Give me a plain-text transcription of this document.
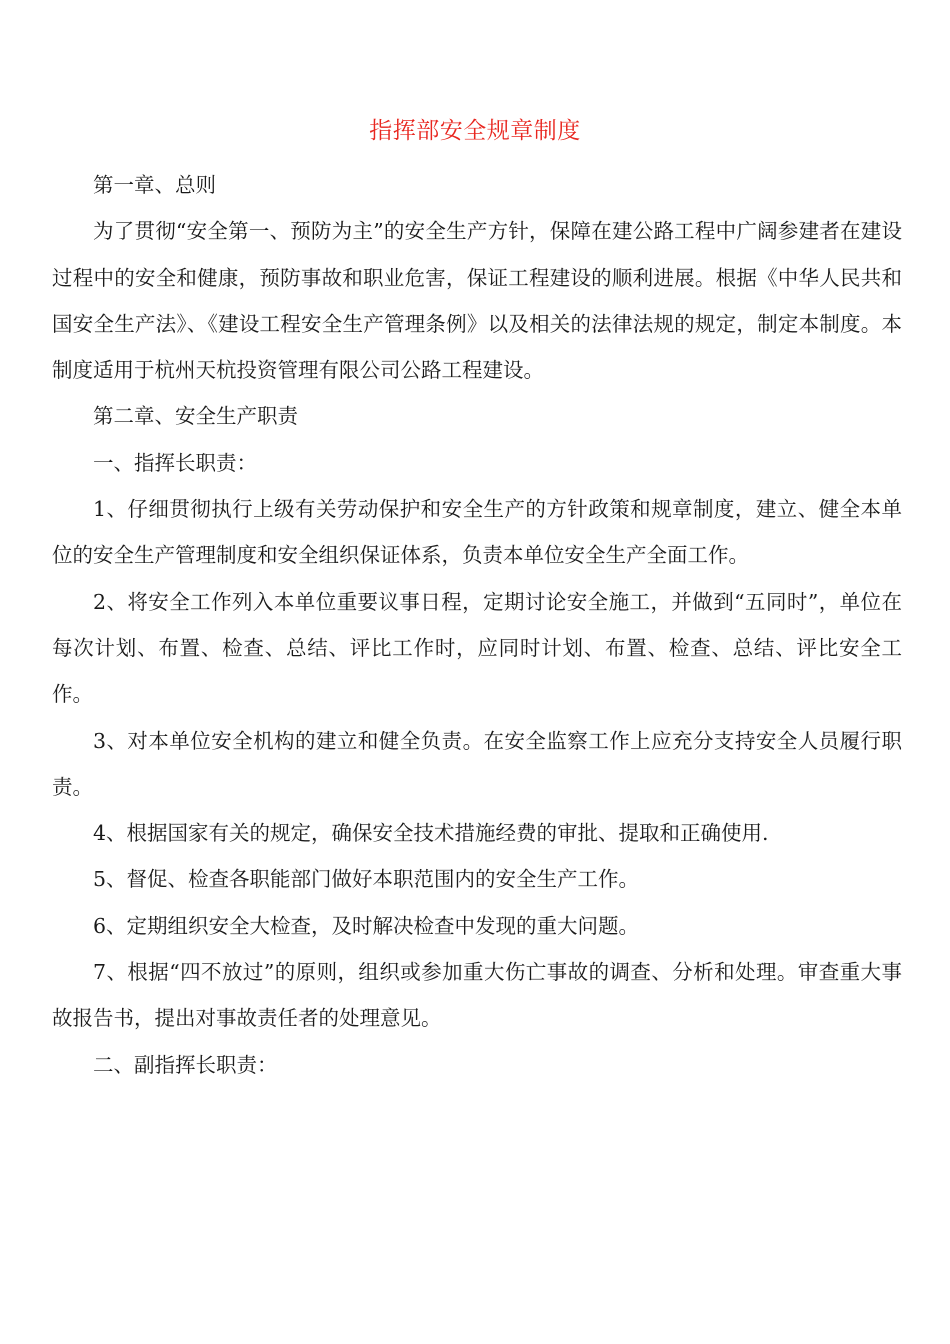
指挥部安全规章制度

第一章、总则

为了贯彻“安全第一、预防为主”的安全生产方针，保障在建公路工程中广阔参建者在建设过程中的安全和健康，预防事故和职业危害，保证工程建设的顺利进展。根据《中华人民共和国安全生产法》、《建设工程安全生产管理条例》以及相关的法律法规的规定，制定本制度。本制度适用于杭州天杭投资管理有限公司公路工程建设。

第二章、安全生产职责

一、指挥长职责：

1、仔细贯彻执行上级有关劳动保护和安全生产的方针政策和规章制度，建立、健全本单位的安全生产管理制度和安全组织保证体系，负责本单位安全生产全面工作。

2、将安全工作列入本单位重要议事日程，定期讨论安全施工，并做到“五同时”，单位在每次计划、布置、检查、总结、评比工作时，应同时计划、布置、检查、总结、评比安全工作。

3、对本单位安全机构的建立和健全负责。在安全监察工作上应充分支持安全人员履行职责。

4、根据国家有关的规定，确保安全技术措施经费的审批、提取和正确使用.

5、督促、检查各职能部门做好本职范围内的安全生产工作。

6、定期组织安全大检查，及时解决检查中发现的重大问题。

7、根据“四不放过”的原则，组织或参加重大伤亡事故的调查、分析和处理。审查重大事故报告书，提出对事故责任者的处理意见。

二、副指挥长职责：
